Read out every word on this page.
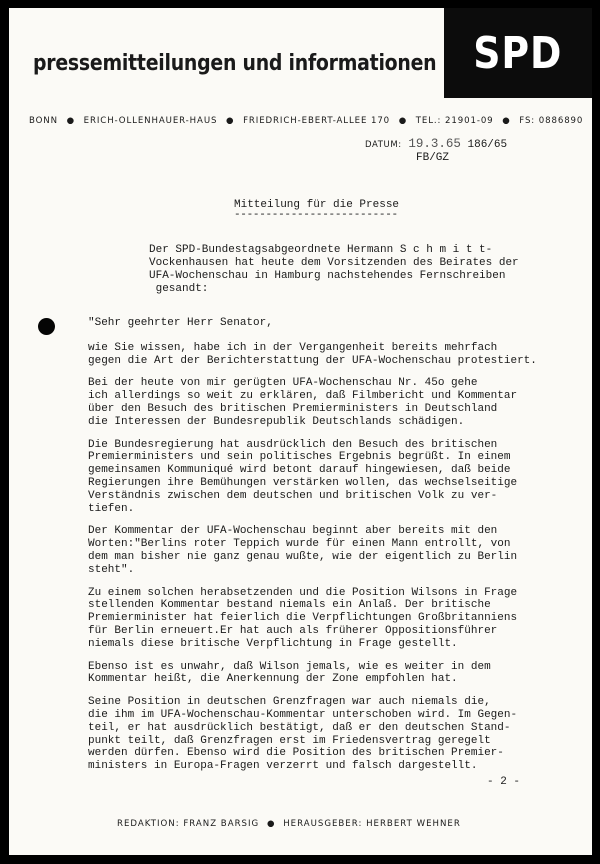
pressemitteilungen und informationen SPD
BONN ● ERICH-OLLENHAUER-HAUS ● FRIEDRICH-EBERT-ALLEE 170 ● TEL.: 21901-09 ● FS: 0886890
DATUM: 19.3.65 186/65
FB/GZ
Mitteilung für die Presse
--------------------------

Der SPD-Bundestagsabgeordnete Hermann S c h m i t t-
Vockenhausen hat heute dem Vorsitzenden des Beirates der
UFA-Wochenschau in Hamburg nachstehendes Fernschreiben
gesandt:

"Sehr geehrter Herr Senator,

wie Sie wissen, habe ich in der Vergangenheit bereits mehrfach
gegen die Art der Berichterstattung der UFA-Wochenschau protestiert.

Bei der heute von mir gerügten UFA-Wochenschau Nr. 45o gehe
ich allerdings so weit zu erklären, daß Filmbericht und Kommentar
über den Besuch des britischen Premierministers in Deutschland
die Interessen der Bundesrepublik Deutschlands schädigen.

Die Bundesregierung hat ausdrücklich den Besuch des britischen
Premierministers und sein politisches Ergebnis begrüßt. In einem
gemeinsamen Kommuniqué wird betont darauf hingewiesen, daß beide
Regierungen ihre Bemühungen verstärken wollen, das wechselseitige
Verständnis zwischen dem deutschen und britischen Volk zu ver-
tiefen.

Der Kommentar der UFA-Wochenschau beginnt aber bereits mit den
Worten:"Berlins roter Teppich wurde für einen Mann entrollt, von
dem man bisher nie ganz genau wußte, wie der eigentlich zu Berlin
steht".

Zu einem solchen herabsetzenden und die Position Wilsons in Frage
stellenden Kommentar bestand niemals ein Anlaß. Der britische
Premierminister hat feierlich die Verpflichtungen Großbritanniens
für Berlin erneuert.Er hat auch als früherer Oppositionsführer
niemals diese britische Verpflichtung in Frage gestellt.

Ebenso ist es unwahr, daß Wilson jemals, wie es weiter in dem
Kommentar heißt, die Anerkennung der Zone empfohlen hat.

Seine Position in deutschen Grenzfragen war auch niemals die,
die ihm im UFA-Wochenschau-Kommentar unterschoben wird. Im Gegen-
teil, er hat ausdrücklich bestätigt, daß er den deutschen Stand-
punkt teilt, daß Grenzfragen erst im Friedensvertrag geregelt
werden dürfen. Ebenso wird die Position des britischen Premier-
ministers in Europa-Fragen verzerrt und falsch dargestellt.

- 2 -
REDAKTION: FRANZ BARSIG ● HERAUSGEBER: HERBERT WEHNER
